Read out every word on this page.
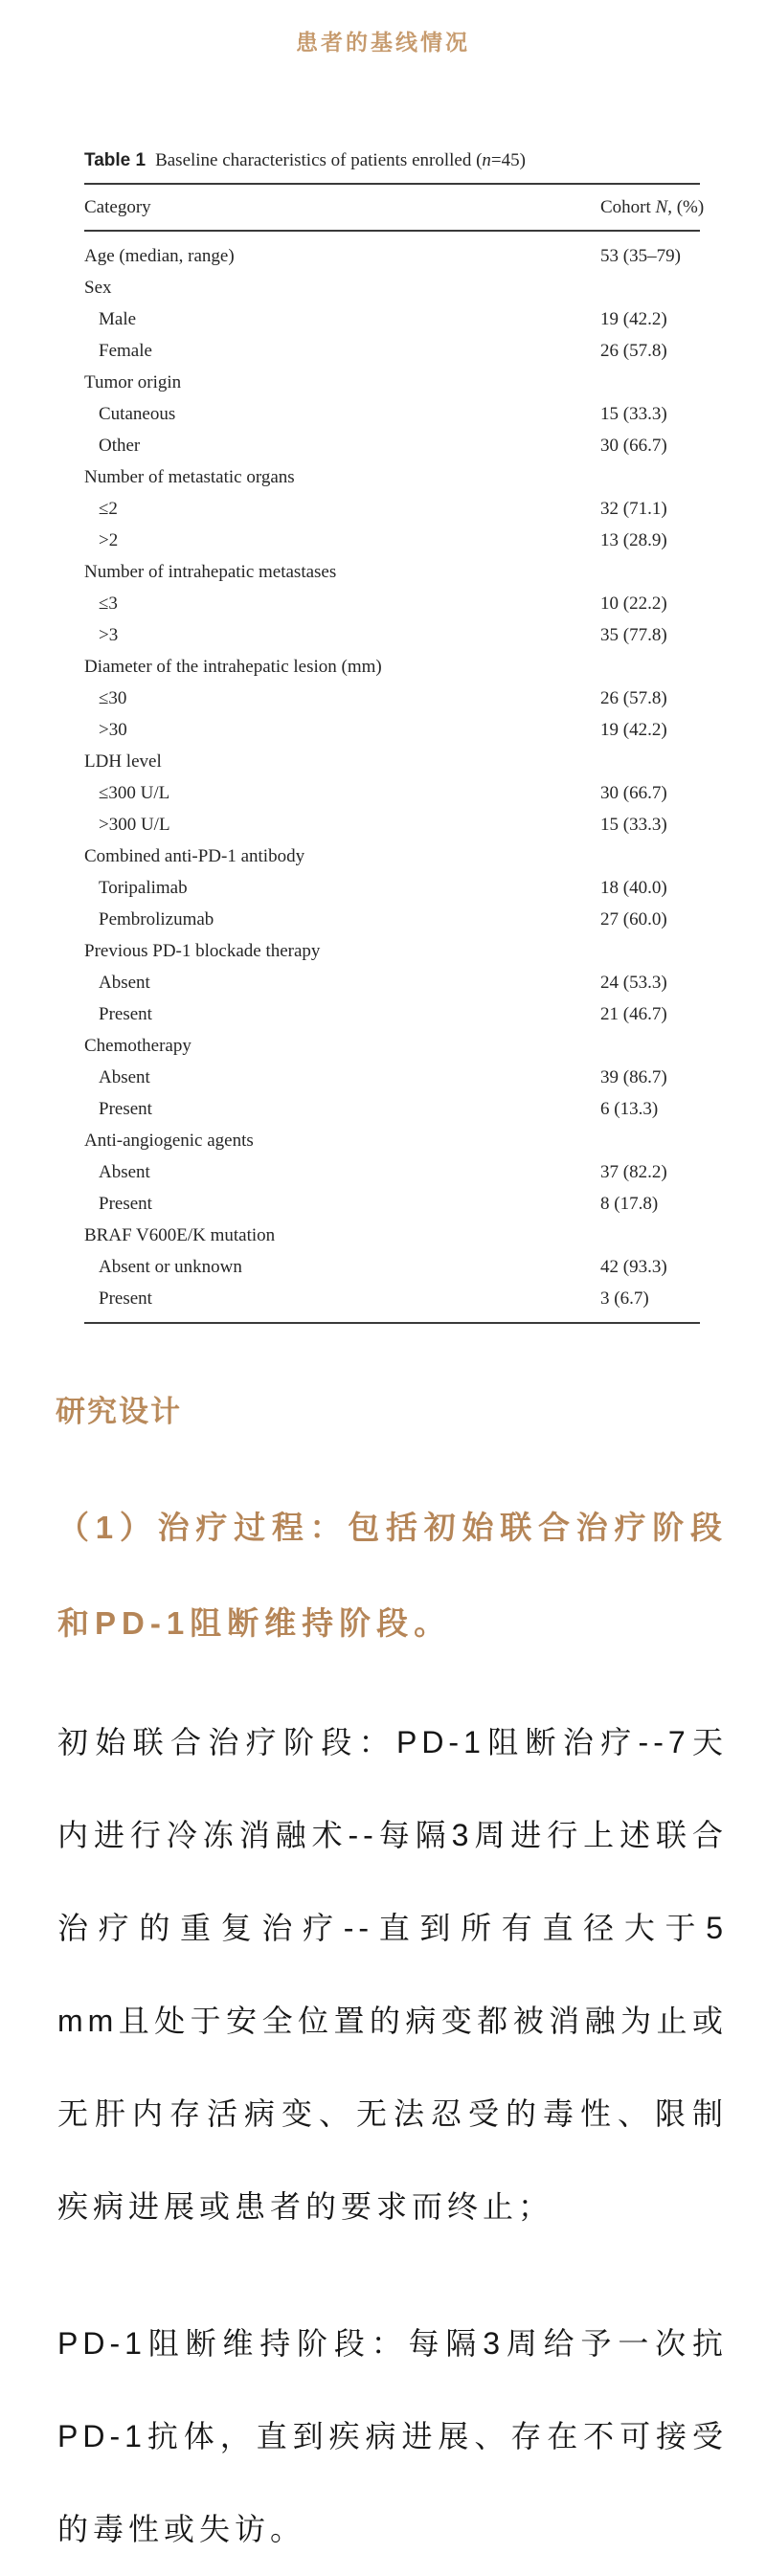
患者的基线情况
Table 1 Baseline characteristics of patients enrolled (n=45)
Category	Cohort N, (%)
Age (median, range)	53 (35–79)
Sex
Male	19 (42.2)
Female	26 (57.8)
Tumor origin
Cutaneous	15 (33.3)
Other	30 (66.7)
Number of metastatic organs
≤2	32 (71.1)
>2	13 (28.9)
Number of intrahepatic metastases
≤3	10 (22.2)
>3	35 (77.8)
Diameter of the intrahepatic lesion (mm)
≤30	26 (57.8)
>30	19 (42.2)
LDH level
≤300 U/L	30 (66.7)
>300 U/L	15 (33.3)
Combined anti-PD-1 antibody
Toripalimab	18 (40.0)
Pembrolizumab	27 (60.0)
Previous PD-1 blockade therapy
Absent	24 (53.3)
Present	21 (46.7)
Chemotherapy
Absent	39 (86.7)
Present	6 (13.3)
Anti-angiogenic agents
Absent	37 (82.2)
Present	8 (17.8)
BRAF V600E/K mutation
Absent or unknown	42 (93.3)
Present	3 (6.7)
研究设计

（1）治疗过程：包括初始联合治疗阶段和PD-1阻断维持阶段。

初始联合治疗阶段：PD-1阻断治疗--7天内进行冷冻消融术--每隔3周进行上述联合治疗的重复治疗--直到所有直径大于5　mm且处于安全位置的病变都被消融为止或无肝内存活病变、无法忍受的毒性、限制疾病进展或患者的要求而终止；

PD-1阻断维持阶段：每隔3周给予一次抗PD-1抗体，直到疾病进展、存在不可接受的毒性或失访。
